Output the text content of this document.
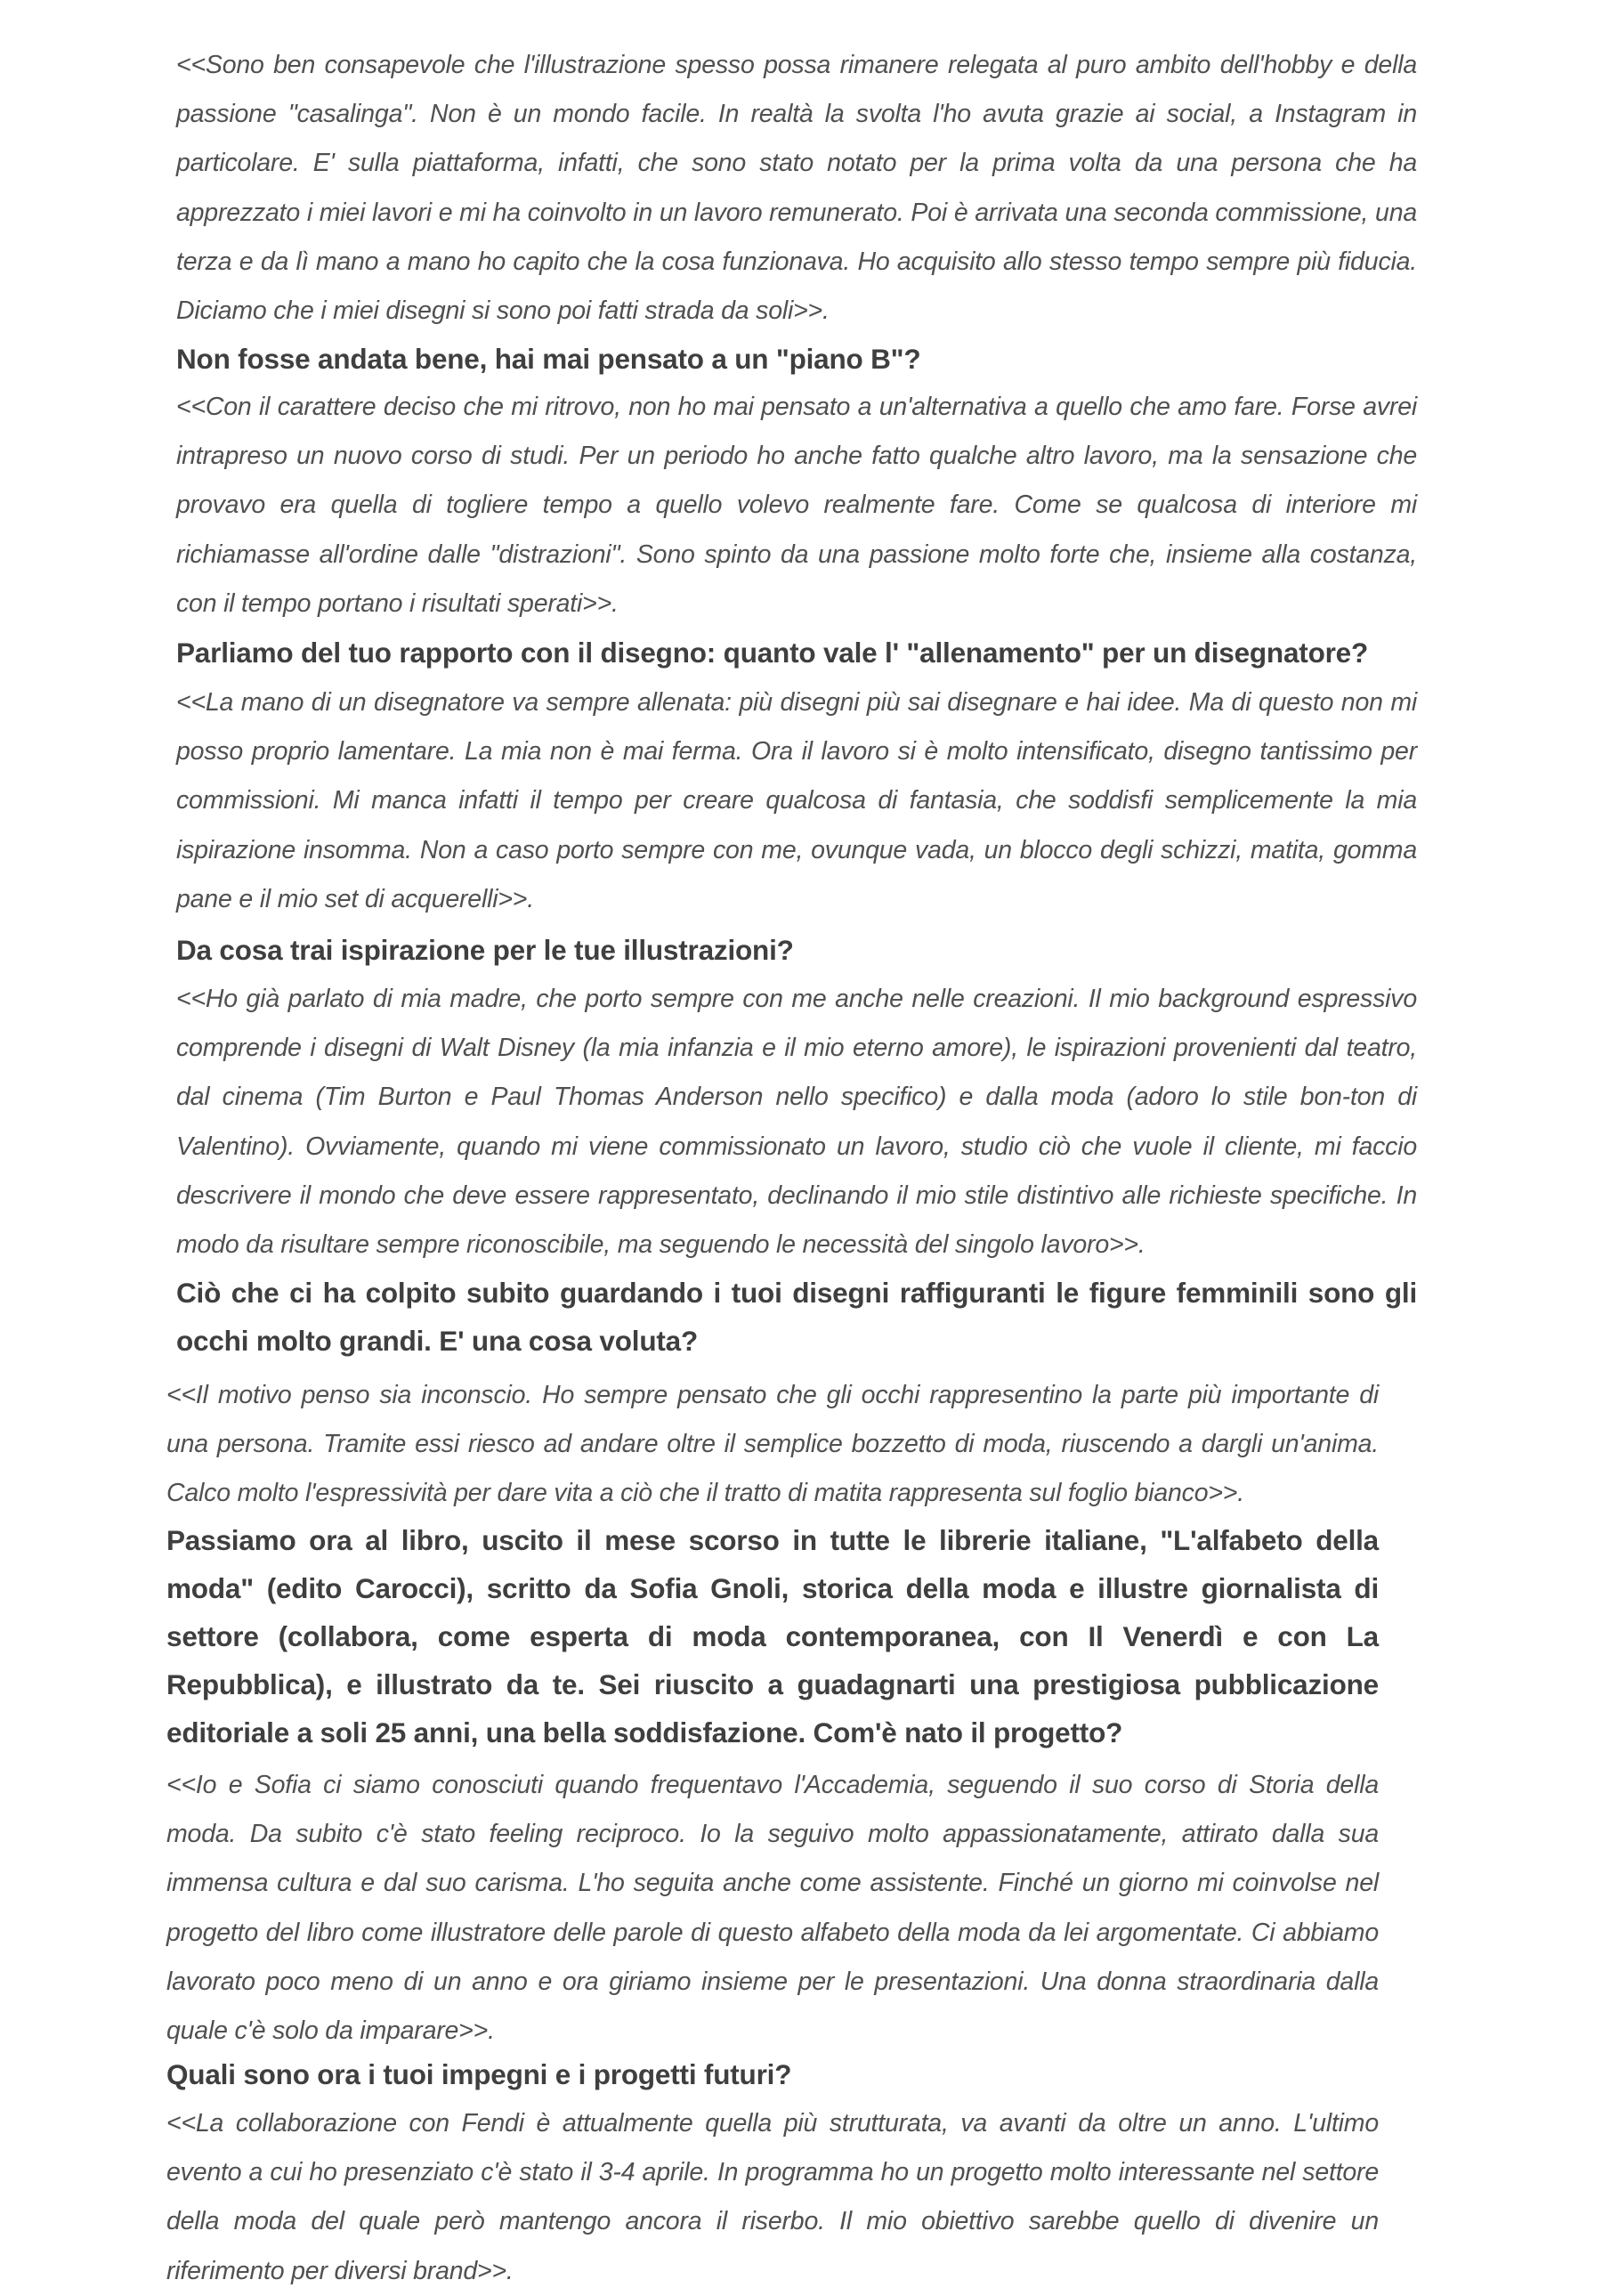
<<Sono ben consapevole che l'illustrazione spesso possa rimanere relegata al puro ambito dell'hobby e della passione "casalinga". Non è un mondo facile. In realtà la svolta l'ho avuta grazie ai social, a Instagram in particolare. E' sulla piattaforma, infatti, che sono stato notato per la prima volta da una persona che ha apprezzato i miei lavori e mi ha coinvolto in un lavoro remunerato. Poi è arrivata una seconda commissione, una terza e da lì mano a mano ho capito che la cosa funzionava. Ho acquisito allo stesso tempo sempre più fiducia. Diciamo che i miei disegni si sono poi fatti strada da soli>>.

Non fosse andata bene, hai mai pensato a un "piano B"?

<<Con il carattere deciso che mi ritrovo, non ho mai pensato a un'alternativa a quello che amo fare. Forse avrei intrapreso un nuovo corso di studi. Per un periodo ho anche fatto qualche altro lavoro, ma la sensazione che provavo era quella di togliere tempo a quello volevo realmente fare. Come se qualcosa di interiore mi richiamasse all'ordine dalle "distrazioni". Sono spinto da una passione molto forte che, insieme alla costanza, con il tempo portano i risultati sperati>>.

Parliamo del tuo rapporto con il disegno: quanto vale l' "allenamento" per un disegnatore?

<<La mano di un disegnatore va sempre allenata: più disegni più sai disegnare e hai idee. Ma di questo non mi posso proprio lamentare. La mia non è mai ferma. Ora il lavoro si è molto intensificato, disegno tantissimo per commissioni. Mi manca infatti il tempo per creare qualcosa di fantasia, che soddisfi semplicemente la mia ispirazione insomma. Non a caso porto sempre con me, ovunque vada, un blocco degli schizzi, matita, gomma pane e il mio set di acquerelli>>.

Da cosa trai ispirazione per le tue illustrazioni?

<<Ho già parlato di mia madre, che porto sempre con me anche nelle creazioni. Il mio background espressivo comprende i disegni di Walt Disney (la mia infanzia e il mio eterno amore), le ispirazioni provenienti dal teatro, dal cinema (Tim Burton e Paul Thomas Anderson nello specifico) e dalla moda (adoro lo stile bon-ton di Valentino). Ovviamente, quando mi viene commissionato un lavoro, studio ciò che vuole il cliente, mi faccio descrivere il mondo che deve essere rappresentato, declinando il mio stile distintivo alle richieste specifiche. In modo da risultare sempre riconoscibile, ma seguendo le necessità del singolo lavoro>>.

Ciò che ci ha colpito subito guardando i tuoi disegni raffiguranti le figure femminili sono gli occhi molto grandi. E' una cosa voluta?

<<Il motivo penso sia inconscio. Ho sempre pensato che gli occhi rappresentino la parte più importante di una persona. Tramite essi riesco ad andare oltre il semplice bozzetto di moda, riuscendo a dargli un'anima. Calco molto l'espressività per dare vita a ciò che il tratto di matita rappresenta sul foglio bianco>>.

Passiamo ora al libro, uscito il mese scorso in tutte le librerie italiane, "L'alfabeto della moda" (edito Carocci), scritto da Sofia Gnoli, storica della moda e illustre giornalista di settore (collabora, come esperta di moda contemporanea, con Il Venerdì e con La Repubblica), e illustrato da te. Sei riuscito a guadagnarti una prestigiosa pubblicazione editoriale a soli 25 anni, una bella soddisfazione. Com'è nato il progetto?

<<Io e Sofia ci siamo conosciuti quando frequentavo l'Accademia, seguendo il suo corso di Storia della moda. Da subito c'è stato feeling reciproco. Io la seguivo molto appassionatamente, attirato dalla sua immensa cultura e dal suo carisma. L'ho seguita anche come assistente. Finché un giorno mi coinvolse nel progetto del libro come illustratore delle parole di questo alfabeto della moda da lei argomentate. Ci abbiamo lavorato poco meno di un anno e ora giriamo insieme per le presentazioni. Una donna straordinaria dalla quale c'è solo da imparare>>.

Quali sono ora i tuoi impegni e i progetti futuri?

<<La collaborazione con Fendi è attualmente quella più strutturata, va avanti da oltre un anno. L'ultimo evento a cui ho presenziato c'è stato il 3-4 aprile. In programma ho un progetto molto interessante nel settore della moda del quale però mantengo ancora il riserbo. Il mio obiettivo sarebbe quello di divenire un riferimento per diversi brand>>.
